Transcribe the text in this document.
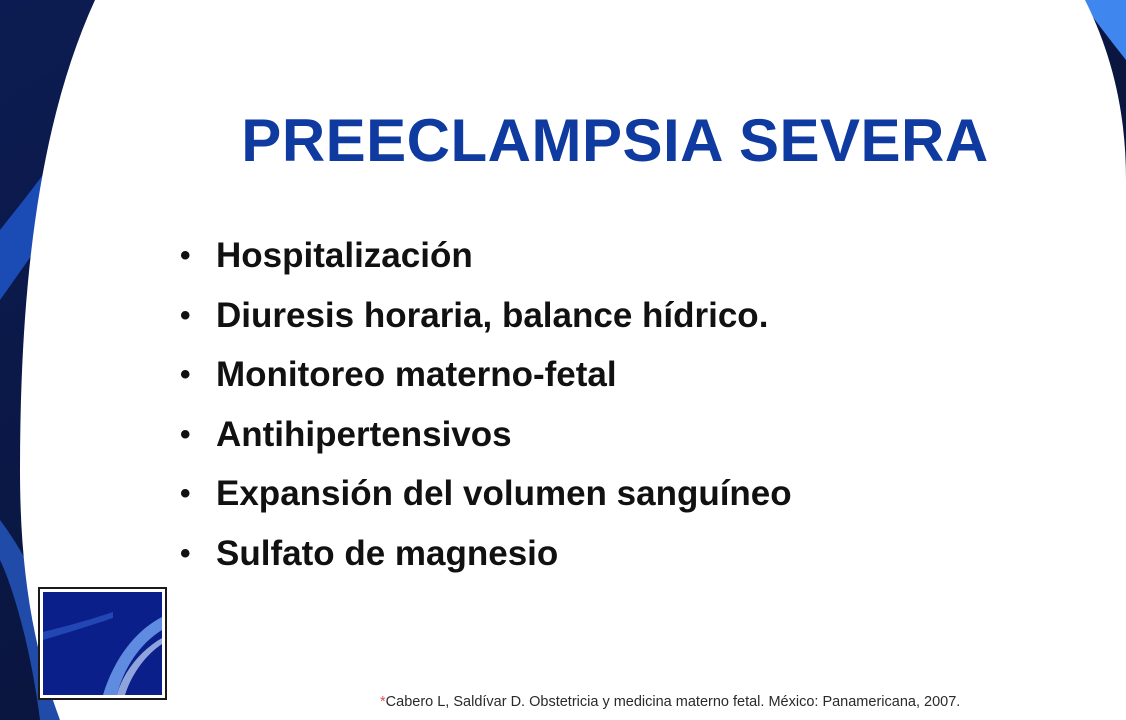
PREECLAMPSIA SEVERA
• Hospitalización
• Diuresis horaria, balance hídrico.
• Monitoreo materno-fetal
• Antihipertensivos
• Expansión del volumen sanguíneo
• Sulfato de magnesio
*Cabero L, Saldívar D. Obstetricia y medicina materno fetal. México: Panamericana, 2007.
